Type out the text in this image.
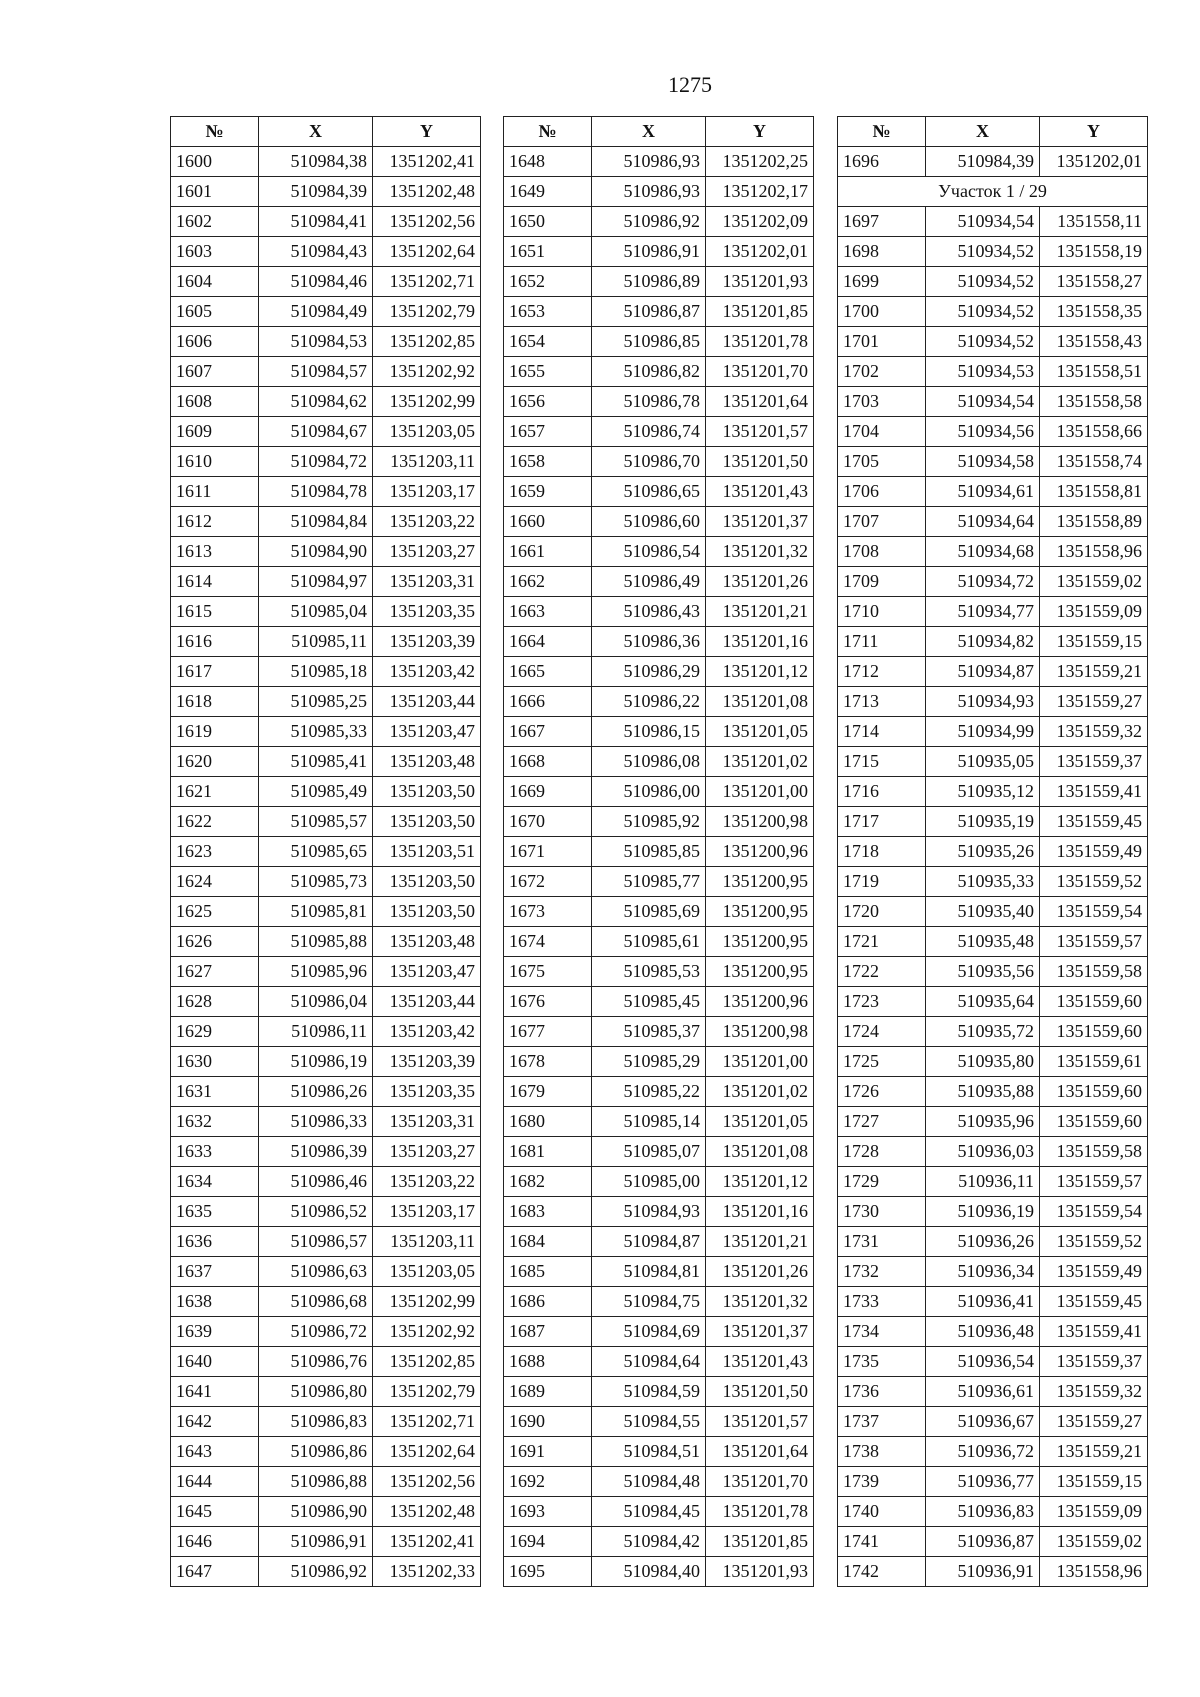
1275
№	X	Y
1600	510984,38	1351202,41
1601	510984,39	1351202,48
1602	510984,41	1351202,56
1603	510984,43	1351202,64
1604	510984,46	1351202,71
1605	510984,49	1351202,79
1606	510984,53	1351202,85
1607	510984,57	1351202,92
1608	510984,62	1351202,99
1609	510984,67	1351203,05
1610	510984,72	1351203,11
1611	510984,78	1351203,17
1612	510984,84	1351203,22
1613	510984,90	1351203,27
1614	510984,97	1351203,31
1615	510985,04	1351203,35
1616	510985,11	1351203,39
1617	510985,18	1351203,42
1618	510985,25	1351203,44
1619	510985,33	1351203,47
1620	510985,41	1351203,48
1621	510985,49	1351203,50
1622	510985,57	1351203,50
1623	510985,65	1351203,51
1624	510985,73	1351203,50
1625	510985,81	1351203,50
1626	510985,88	1351203,48
1627	510985,96	1351203,47
1628	510986,04	1351203,44
1629	510986,11	1351203,42
1630	510986,19	1351203,39
1631	510986,26	1351203,35
1632	510986,33	1351203,31
1633	510986,39	1351203,27
1634	510986,46	1351203,22
1635	510986,52	1351203,17
1636	510986,57	1351203,11
1637	510986,63	1351203,05
1638	510986,68	1351202,99
1639	510986,72	1351202,92
1640	510986,76	1351202,85
1641	510986,80	1351202,79
1642	510986,83	1351202,71
1643	510986,86	1351202,64
1644	510986,88	1351202,56
1645	510986,90	1351202,48
1646	510986,91	1351202,41
1647	510986,92	1351202,33
№	X	Y
1648	510986,93	1351202,25
1649	510986,93	1351202,17
1650	510986,92	1351202,09
1651	510986,91	1351202,01
1652	510986,89	1351201,93
1653	510986,87	1351201,85
1654	510986,85	1351201,78
1655	510986,82	1351201,70
1656	510986,78	1351201,64
1657	510986,74	1351201,57
1658	510986,70	1351201,50
1659	510986,65	1351201,43
1660	510986,60	1351201,37
1661	510986,54	1351201,32
1662	510986,49	1351201,26
1663	510986,43	1351201,21
1664	510986,36	1351201,16
1665	510986,29	1351201,12
1666	510986,22	1351201,08
1667	510986,15	1351201,05
1668	510986,08	1351201,02
1669	510986,00	1351201,00
1670	510985,92	1351200,98
1671	510985,85	1351200,96
1672	510985,77	1351200,95
1673	510985,69	1351200,95
1674	510985,61	1351200,95
1675	510985,53	1351200,95
1676	510985,45	1351200,96
1677	510985,37	1351200,98
1678	510985,29	1351201,00
1679	510985,22	1351201,02
1680	510985,14	1351201,05
1681	510985,07	1351201,08
1682	510985,00	1351201,12
1683	510984,93	1351201,16
1684	510984,87	1351201,21
1685	510984,81	1351201,26
1686	510984,75	1351201,32
1687	510984,69	1351201,37
1688	510984,64	1351201,43
1689	510984,59	1351201,50
1690	510984,55	1351201,57
1691	510984,51	1351201,64
1692	510984,48	1351201,70
1693	510984,45	1351201,78
1694	510984,42	1351201,85
1695	510984,40	1351201,93
№	X	Y
1696	510984,39	1351202,01
Участок 1 / 29		
1697	510934,54	1351558,11
1698	510934,52	1351558,19
1699	510934,52	1351558,27
1700	510934,52	1351558,35
1701	510934,52	1351558,43
1702	510934,53	1351558,51
1703	510934,54	1351558,58
1704	510934,56	1351558,66
1705	510934,58	1351558,74
1706	510934,61	1351558,81
1707	510934,64	1351558,89
1708	510934,68	1351558,96
1709	510934,72	1351559,02
1710	510934,77	1351559,09
1711	510934,82	1351559,15
1712	510934,87	1351559,21
1713	510934,93	1351559,27
1714	510934,99	1351559,32
1715	510935,05	1351559,37
1716	510935,12	1351559,41
1717	510935,19	1351559,45
1718	510935,26	1351559,49
1719	510935,33	1351559,52
1720	510935,40	1351559,54
1721	510935,48	1351559,57
1722	510935,56	1351559,58
1723	510935,64	1351559,60
1724	510935,72	1351559,60
1725	510935,80	1351559,61
1726	510935,88	1351559,60
1727	510935,96	1351559,60
1728	510936,03	1351559,58
1729	510936,11	1351559,57
1730	510936,19	1351559,54
1731	510936,26	1351559,52
1732	510936,34	1351559,49
1733	510936,41	1351559,45
1734	510936,48	1351559,41
1735	510936,54	1351559,37
1736	510936,61	1351559,32
1737	510936,67	1351559,27
1738	510936,72	1351559,21
1739	510936,77	1351559,15
1740	510936,83	1351559,09
1741	510936,87	1351559,02
1742	510936,91	1351558,96
